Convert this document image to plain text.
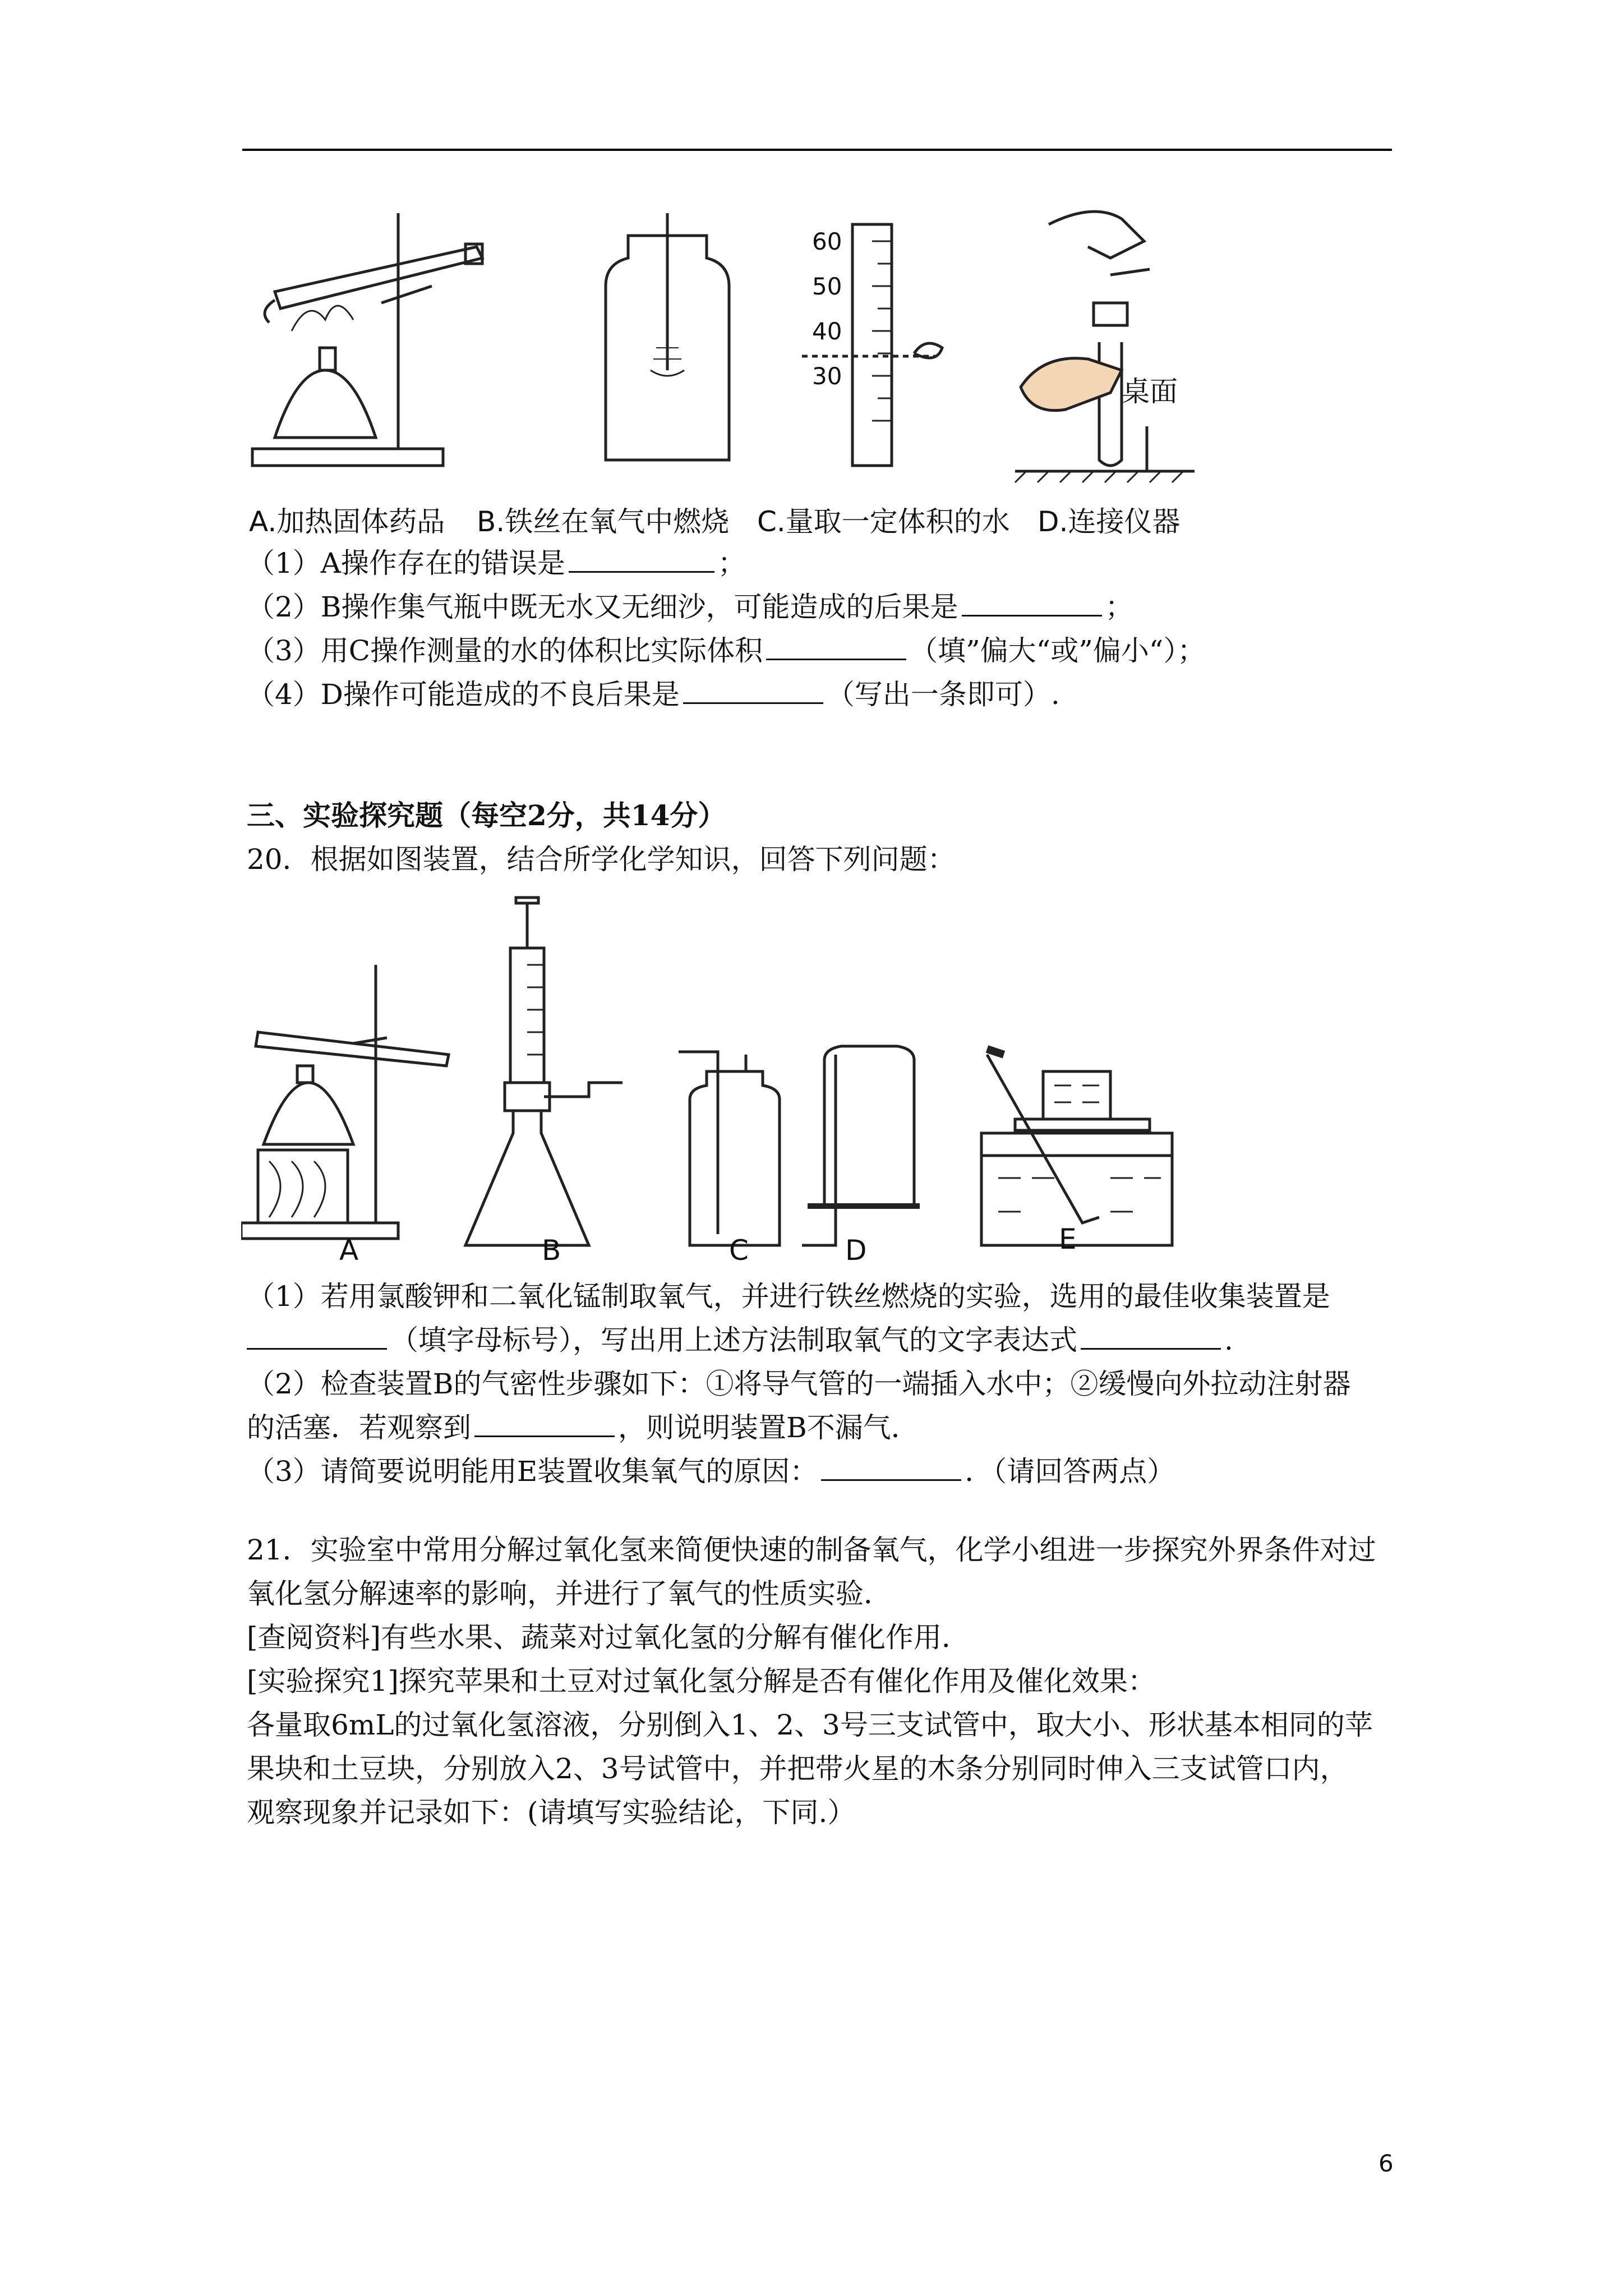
桌面
60
50
40
30
A.加热固体药品 B.铁丝在氧气中燃烧 C.量取一定体积的水 D.连接仪器
（1）A操作存在的错误是	；
（2）B操作集气瓶中既无水又无细沙，可能造成的后果是	；
（3）用C操作测量的水的体积比实际体积	（填”偏大“或”偏小“）；
（4）D操作可能造成的不良后果是	（写出一条即可）.
三、实验探究题（每空2分，共14分）
20．根据如图装置，结合所学化学知识，回答下列问题：
A	B	C	D	E
（1）若用氯酸钾和二氧化锰制取氧气，并进行铁丝燃烧的实验，选用的最佳收集装置是
（填字母标号），写出用上述方法制取氧气的文字表达式	.
（2）检查装置B的气密性步骤如下：①将导气管的一端插入水中；②缓慢向外拉动注射器
的活塞．若观察到	，则说明装置B不漏气．
（3）请简要说明能用E装置收集氧气的原因：	．（请回答两点）
21．实验室中常用分解过氧化氢来简便快速的制备氧气，化学小组进一步探究外界条件对过
氧化氢分解速率的影响，并进行了氧气的性质实验．
[查阅资料]有些水果、蔬菜对过氧化氢的分解有催化作用．
[实验探究1]探究苹果和土豆对过氧化氢分解是否有催化作用及催化效果：
各量取6mL的过氧化氢溶液，分别倒入1、2、3号三支试管中，取大小、形状基本相同的苹
果块和土豆块，分别放入2、3号试管中，并把带火星的木条分别同时伸入三支试管口内，
观察现象并记录如下：(请填写实验结论，下同.）
6
